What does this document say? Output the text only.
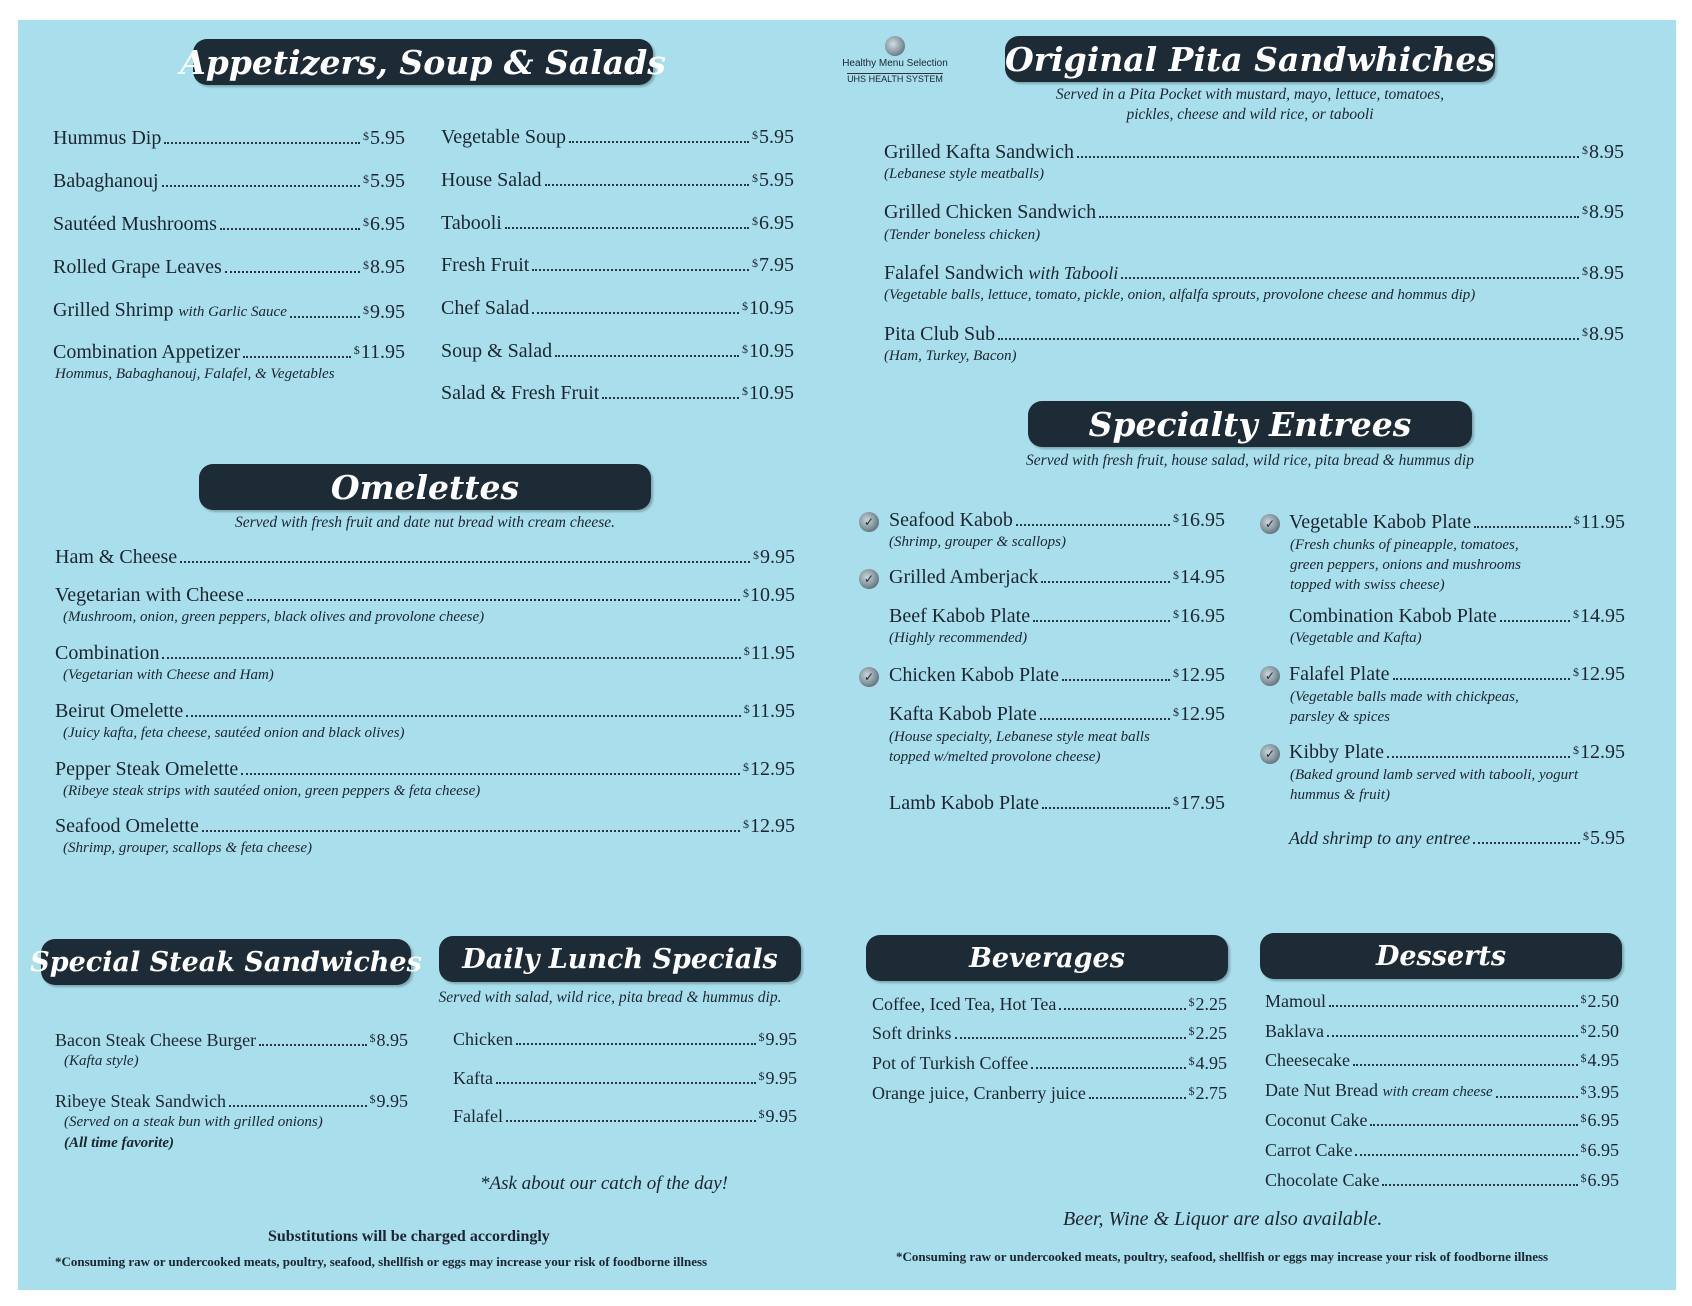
Appetizers, Soup & Salads
Hummus Dip	$5.95
Babaghanouj	$5.95
Sautéed Mushrooms	$6.95
Rolled Grape Leaves	$8.95
Grilled Shrimp with Garlic Sauce	$9.95
Combination Appetizer	$11.95
Hommus, Babaghanouj, Falafel, & Vegetables
Vegetable Soup	$5.95
House Salad	$5.95
Tabooli	$6.95
Fresh Fruit	$7.95
Chef Salad	$10.95
Soup & Salad	$10.95
Salad & Fresh Fruit	$10.95
Omelettes
Served with fresh fruit and date nut bread with cream cheese.
Ham & Cheese	$9.95
Vegetarian with Cheese	$10.95
(Mushroom, onion, green peppers, black olives and provolone cheese)
Combination	$11.95
(Vegetarian with Cheese and Ham)
Beirut Omelette	$11.95
(Juicy kafta, feta cheese, sautéed onion and black olives)
Pepper Steak Omelette	$12.95
(Ribeye steak strips with sautéed onion, green peppers & feta cheese)
Seafood Omelette	$12.95
(Shrimp, grouper, scallops & feta cheese)
Special Steak Sandwiches
Bacon Steak Cheese Burger	$8.95
(Kafta style)
Ribeye Steak Sandwich	$9.95
(Served on a steak bun with grilled onions)
(All time favorite)
Daily Lunch Specials
Served with salad, wild rice, pita bread & hummus dip.
Chicken	$9.95
Kafta	$9.95
Falafel	$9.95
*Ask about our catch of the day!
Substitutions will be charged accordingly
*Consuming raw or undercooked meats, poultry, seafood, shellfish or eggs may increase your risk of foodborne illness
Healthy Menu Selection
UHS HEALTH SYSTEM
Original Pita Sandwhiches
Served in a Pita Pocket with mustard, mayo, lettuce, tomatoes,
pickles, cheese and wild rice, or tabooli
Grilled Kafta Sandwich	$8.95
(Lebanese style meatballs)
Grilled Chicken Sandwich	$8.95
(Tender boneless chicken)
Falafel Sandwich with Tabooli	$8.95
(Vegetable balls, lettuce, tomato, pickle, onion, alfalfa sprouts, provolone cheese and hommus dip)
Pita Club Sub	$8.95
(Ham, Turkey, Bacon)
Specialty Entrees
Served with fresh fruit, house salad, wild rice, pita bread & hummus dip
✓ Seafood Kabob	$16.95
(Shrimp, grouper & scallops)
✓ Grilled Amberjack	$14.95
Beef Kabob Plate	$16.95
(Highly recommended)
✓ Chicken Kabob Plate	$12.95
Kafta Kabob Plate	$12.95
(House specialty, Lebanese style meat balls
topped w/melted provolone cheese)
Lamb Kabob Plate	$17.95
✓ Vegetable Kabob Plate	$11.95
(Fresh chunks of pineapple, tomatoes,
green peppers, onions and mushrooms
topped with swiss cheese)
Combination Kabob Plate	$14.95
(Vegetable and Kafta)
✓ Falafel Plate	$12.95
(Vegetable balls made with chickpeas,
parsley & spices
✓ Kibby Plate	$12.95
(Baked ground lamb served with tabooli, yogurt
hummus & fruit)
Add shrimp to any entree	$5.95
Beverages
Coffee, Iced Tea, Hot Tea	$2.25
Soft drinks	$2.25
Pot of Turkish Coffee	$4.95
Orange juice, Cranberry juice	$2.75
Desserts
Mamoul	$2.50
Baklava	$2.50
Cheesecake	$4.95
Date Nut Bread with cream cheese	$3.95
Coconut Cake	$6.95
Carrot Cake	$6.95
Chocolate Cake	$6.95
Beer, Wine & Liquor are also available.
*Consuming raw or undercooked meats, poultry, seafood, shellfish or eggs may increase your risk of foodborne illness
